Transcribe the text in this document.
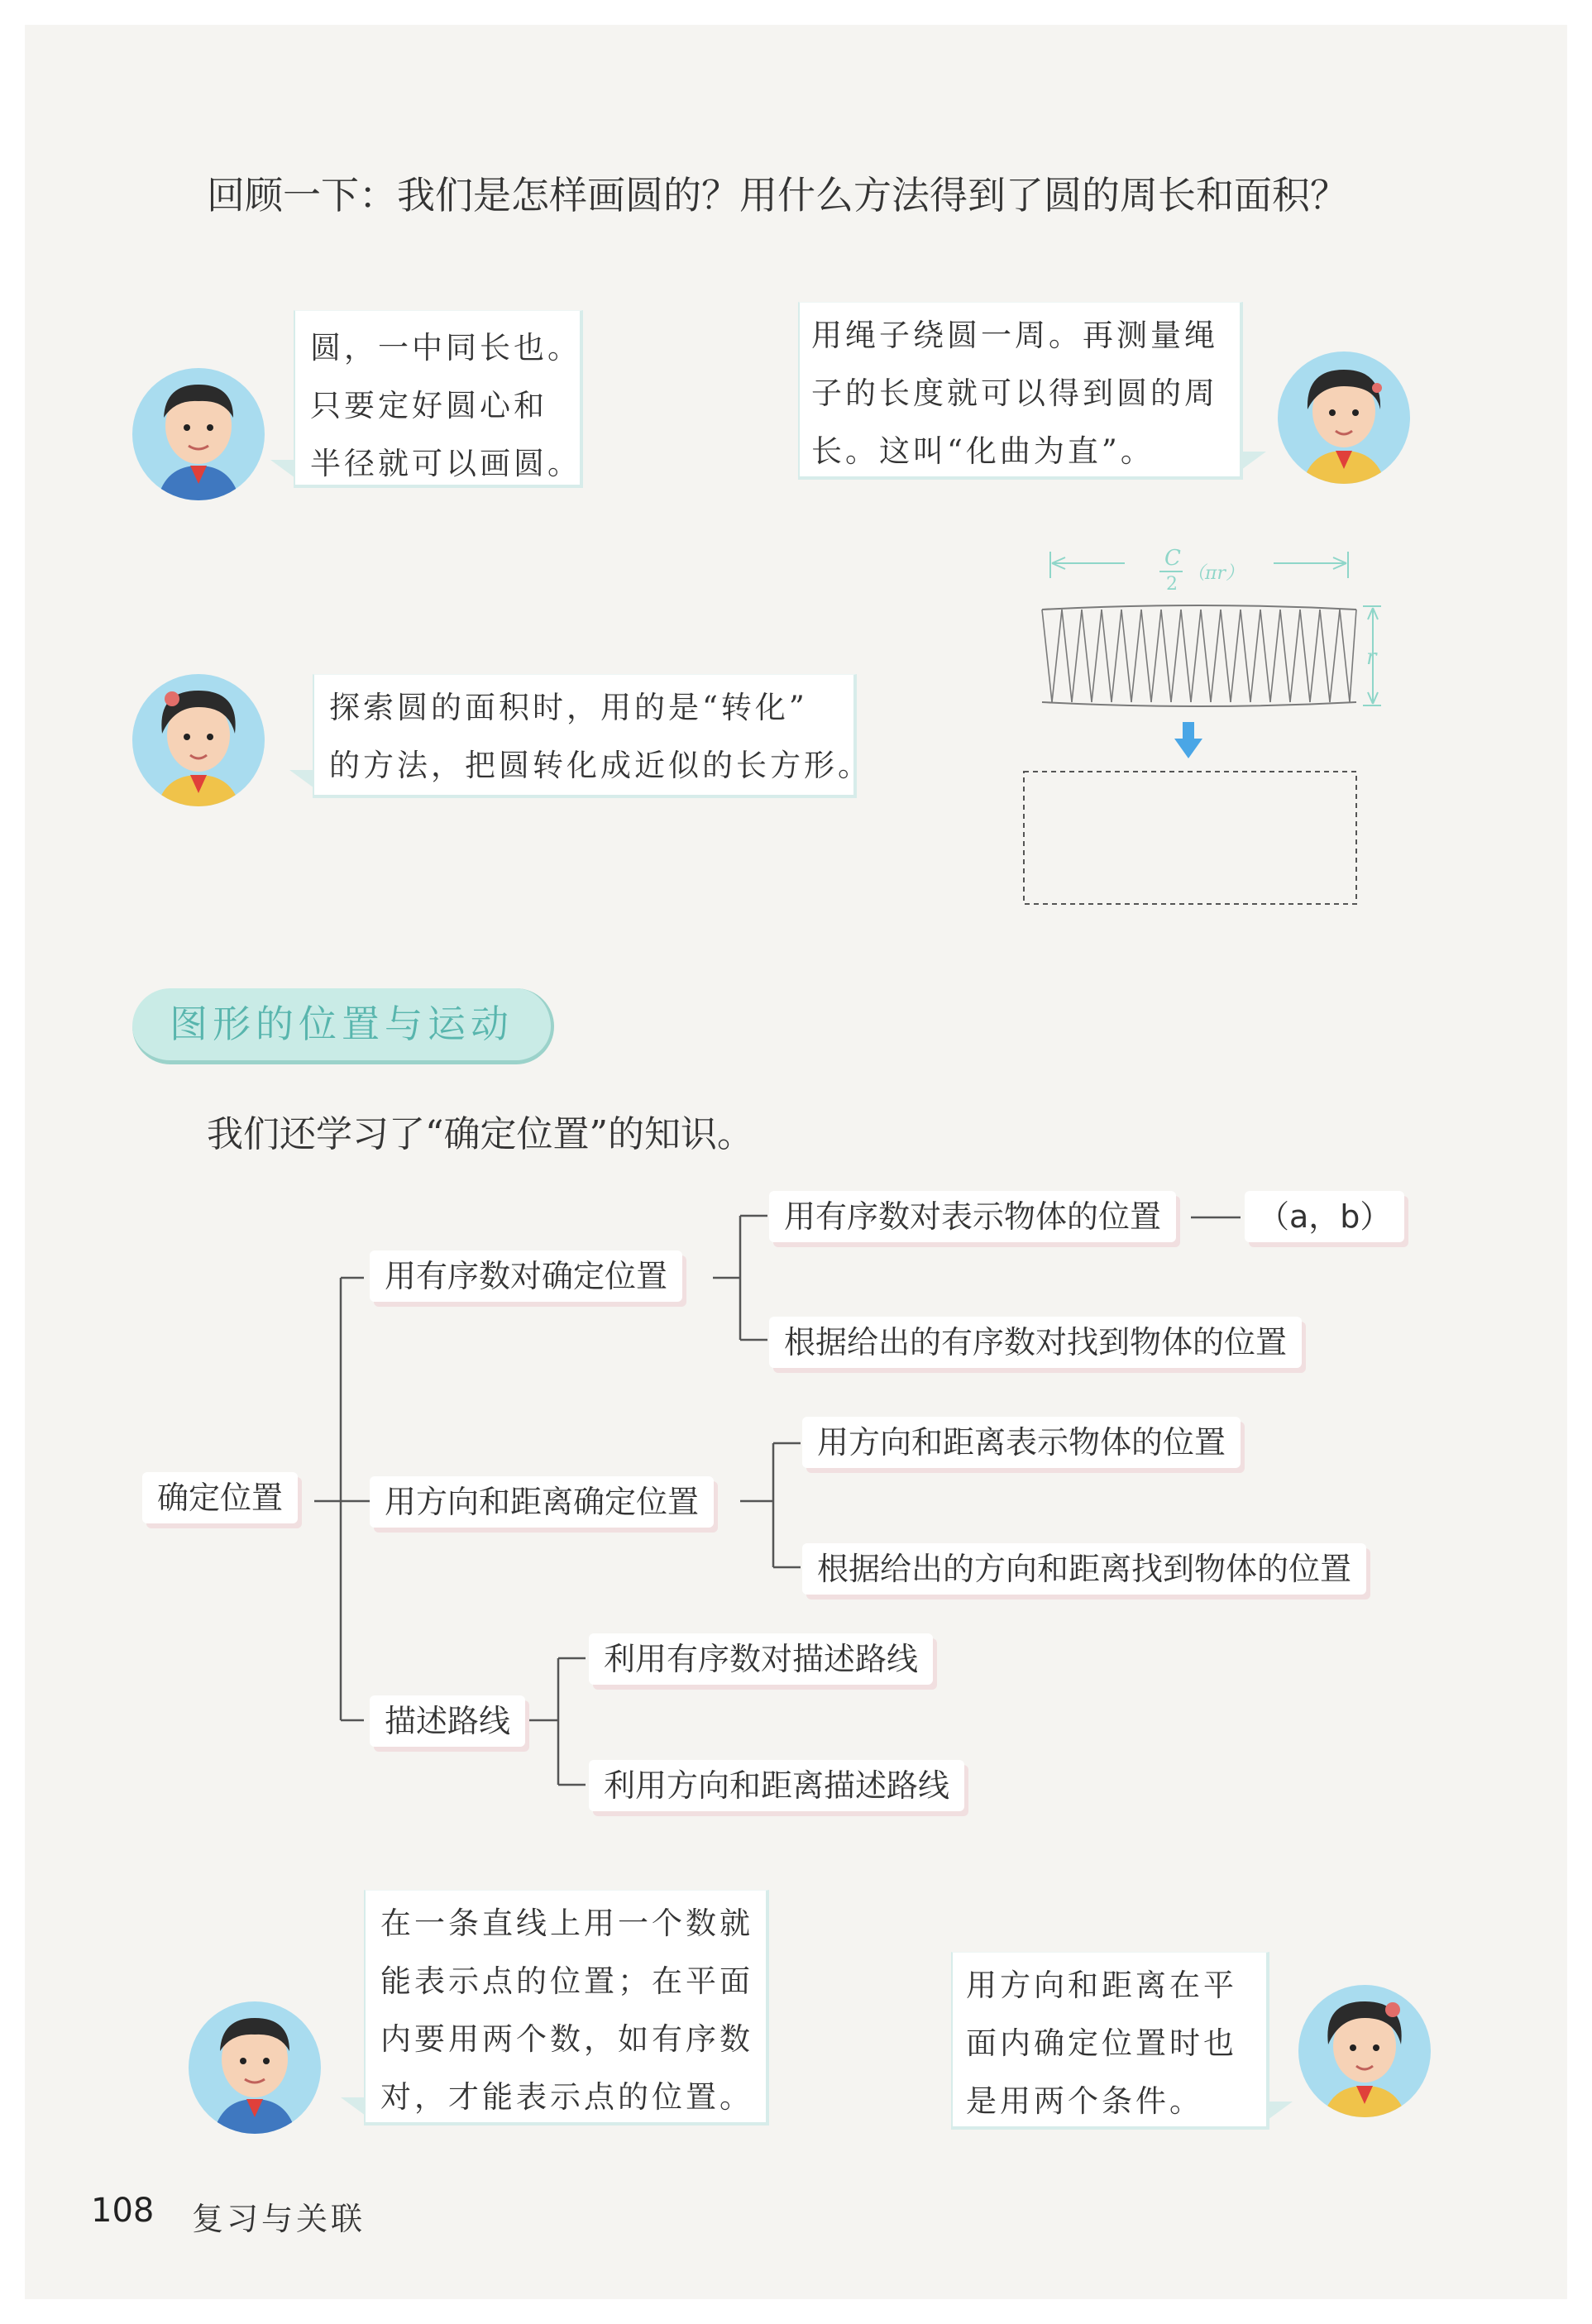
回顾一下：我们是怎样画圆的？用什么方法得到了圆的周长和面积？
圆，一中同长也。
只要定好圆心和
半径就可以画圆。
用绳子绕圆一周。再测量绳
子的长度就可以得到圆的周
长。这叫“化曲为直”。
探索圆的面积时，用的是“转化”
的方法，把圆转化成近似的长方形。
C
2
（πr）
r
图形的位置与运动
我们还学习了“确定位置”的知识。
确定位置
用有序数对确定位置
用有序数对表示物体的位置	（a，b）
根据给出的有序数对找到物体的位置
用方向和距离确定位置
用方向和距离表示物体的位置
根据给出的方向和距离找到物体的位置
描述路线
利用有序数对描述路线
利用方向和距离描述路线
在一条直线上用一个数就
能表示点的位置；在平面
内要用两个数，如有序数
对，才能表示点的位置。
用方向和距离在平
面内确定位置时也
是用两个条件。
108 复习与关联
